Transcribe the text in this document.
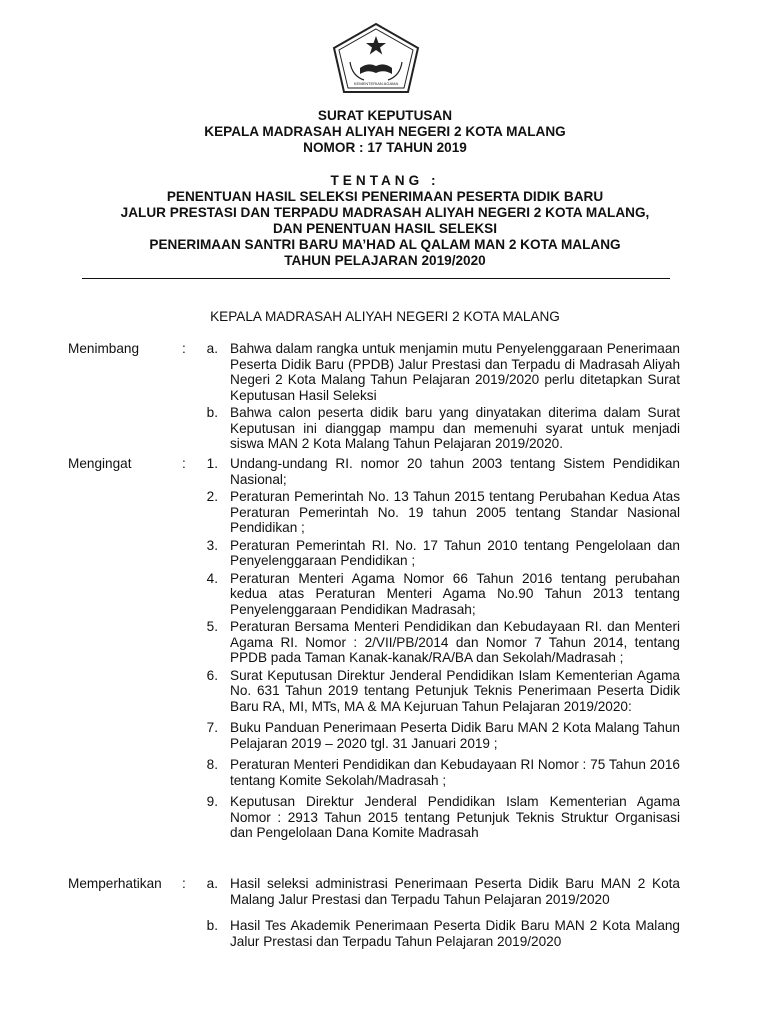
KEMENTERIAN AGAMA
SURAT KEPUTUSAN
KEPALA MADRASAH ALIYAH NEGERI 2 KOTA MALANG
NOMOR : 17 TAHUN 2019
TENTANG :
PENENTUAN HASIL SELEKSI PENERIMAAN PESERTA DIDIK BARU
JALUR PRESTASI DAN TERPADU MADRASAH ALIYAH NEGERI 2 KOTA MALANG,
DAN PENENTUAN HASIL SELEKSI
PENERIMAAN SANTRI BARU MA’HAD AL QALAM MAN 2 KOTA MALANG
TAHUN PELAJARAN 2019/2020
KEPALA MADRASAH ALIYAH NEGERI 2 KOTA MALANG
Menimbang	:	a. Bahwa dalam rangka untuk menjamin mutu Penyelenggaraan Penerimaan Peserta Didik Baru (PPDB) Jalur Prestasi dan Terpadu di Madrasah Aliyah Negeri 2 Kota Malang Tahun Pelajaran 2019/2020 perlu ditetapkan Surat Keputusan Hasil Seleksi
b. Bahwa calon peserta didik baru yang dinyatakan diterima dalam Surat Keputusan ini dianggap mampu dan memenuhi syarat untuk menjadi siswa MAN 2 Kota Malang Tahun Pelajaran 2019/2020.
Mengingat	:	1. Undang-undang RI. nomor 20 tahun 2003 tentang Sistem Pendidikan Nasional;
2. Peraturan Pemerintah No. 13 Tahun 2015 tentang Perubahan Kedua Atas Peraturan Pemerintah No. 19 tahun 2005 tentang Standar Nasional Pendidikan ;
3. Peraturan Pemerintah RI. No. 17 Tahun 2010 tentang Pengelolaan dan Penyelenggaraan Pendidikan ;
4. Peraturan Menteri Agama Nomor 66 Tahun 2016 tentang perubahan kedua atas Peraturan Menteri Agama No.90 Tahun 2013 tentang Penyelenggaraan Pendidikan Madrasah;
5. Peraturan Bersama Menteri Pendidikan dan Kebudayaan RI. dan Menteri Agama RI. Nomor : 2/VII/PB/2014 dan Nomor 7 Tahun 2014, tentang PPDB pada Taman Kanak-kanak/RA/BA dan Sekolah/Madrasah ;
6. Surat Keputusan Direktur Jenderal Pendidikan Islam Kementerian Agama No. 631 Tahun 2019 tentang Petunjuk Teknis Penerimaan Peserta Didik Baru RA, MI, MTs, MA & MA Kejuruan Tahun Pelajaran 2019/2020:
7. Buku Panduan Penerimaan Peserta Didik Baru MAN 2 Kota Malang Tahun Pelajaran 2019 – 2020 tgl. 31 Januari 2019 ;
8. Peraturan Menteri Pendidikan dan Kebudayaan RI Nomor : 75 Tahun 2016 tentang Komite Sekolah/Madrasah ;
9. Keputusan Direktur Jenderal Pendidikan Islam Kementerian Agama Nomor : 2913 Tahun 2015 tentang Petunjuk Teknis Struktur Organisasi dan Pengelolaan Dana Komite Madrasah
Memperhatikan	:	a. Hasil seleksi administrasi Penerimaan Peserta Didik Baru MAN 2 Kota Malang Jalur Prestasi dan Terpadu Tahun Pelajaran 2019/2020
b. Hasil Tes Akademik Penerimaan Peserta Didik Baru MAN 2 Kota Malang Jalur Prestasi dan Terpadu Tahun Pelajaran 2019/2020
